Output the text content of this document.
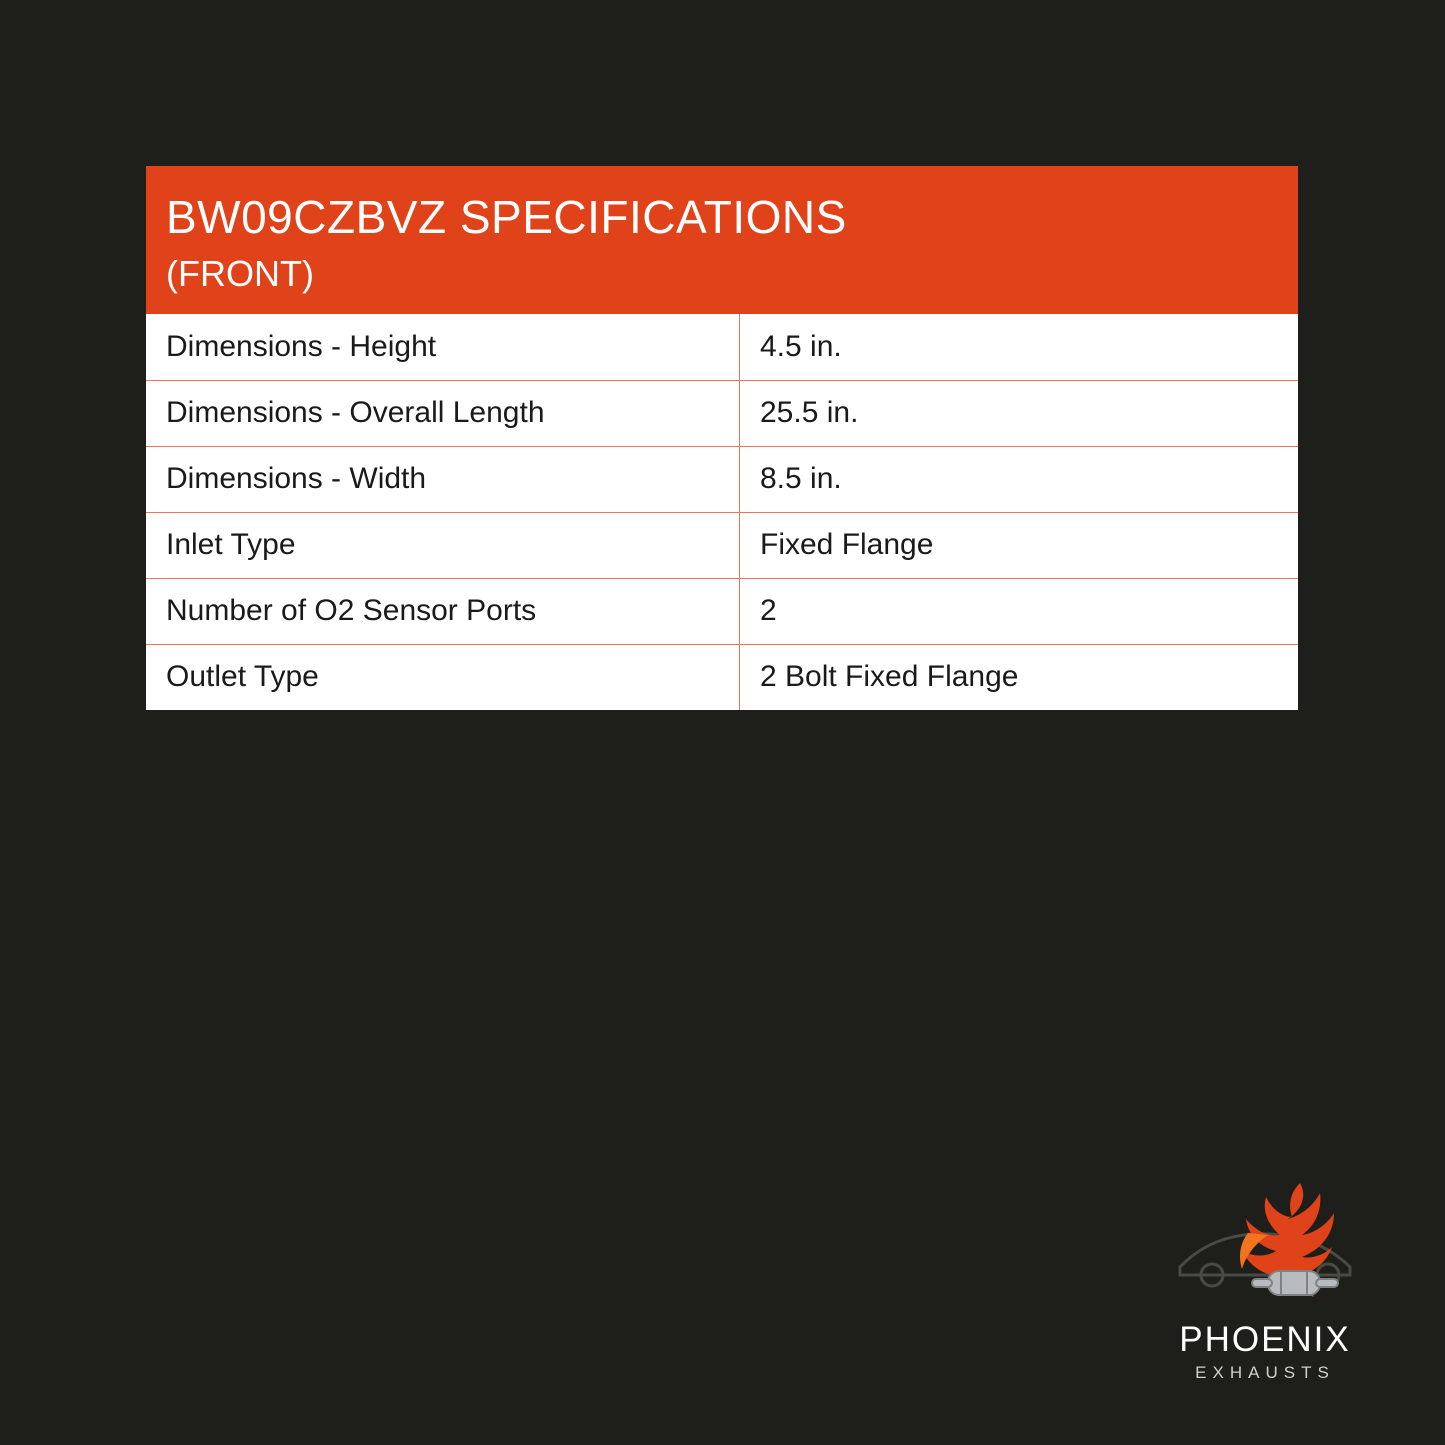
BW09CZBVZ SPECIFICATIONS
(FRONT)
Dimensions - Height	4.5 in.
Dimensions - Overall Length	25.5 in.
Dimensions - Width	8.5 in.
Inlet Type	Fixed Flange
Number of O2 Sensor Ports	2
Outlet Type	2 Bolt Fixed Flange
PHOENIX
EXHAUSTS
